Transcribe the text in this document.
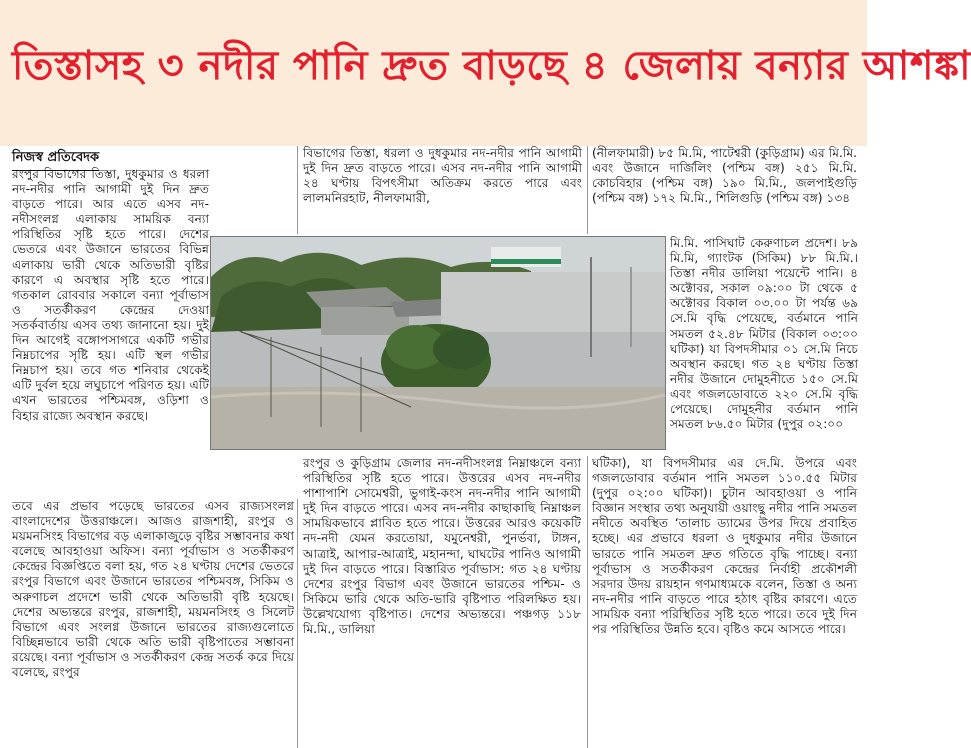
তিস্তাসহ ৩ নদীর পানি দ্রুত বাড়ছে ৪ জেলায় বন্যার আশঙ্কা
নিজস্ব প্রতিবেদক
রংপুর বিভাগের তিস্তা, দুধকুমার ও ধরলা নদ-নদীর পানি আগামী দুই দিন দ্রুত বাড়তে পারে। আর এতে এসব নদ-নদীসংলগ্ন এলাকায় সাময়িক বন্যা পরিস্থিতির সৃষ্টি হতে পারে। দেশের ভেতরে এবং উজানে ভারতের বিভিন্ন এলাকায় ভারী থেকে অতিভারী বৃষ্টির কারণে এ অবস্থার সৃষ্টি হতে পারে। গতকাল রোববার সকালে বন্যা পূর্বাভাস ও সতর্কীকরণ কেন্দ্রের দেওয়া সতর্কবার্তায় এসব তথ্য জানানো হয়। দুই দিন আগেই বঙ্গোপসাগরে একটি গভীর নিম্নচাপের সৃষ্টি হয়। এটি স্থল গভীর নিম্নচাপ হয়। তবে গত শনিবার থেকেই এটি দুর্বল হয়ে লঘুচাপে পরিণত হয়। এটি এখন ভারতের পশ্চিমবঙ্গ, ওড়িশা ও বিহার রাজ্যে অবস্থান করছে।
তবে এর প্রভাব পড়েছে ভারতের এসব রাজ্যসংলগ্ন বাংলাদেশের উত্তরাঞ্চলে। আজও রাজশাহী, রংপুর ও ময়মনসিংহ বিভাগের বড় এলাকাজুড়ে বৃষ্টির সম্ভাবনার কথা বলেছে আবহাওয়া অফিস। বন্যা পূর্বাভাস ও সতর্কীকরণ কেন্দ্রের বিজ্ঞপ্তিতে বলা হয়, গত ২৪ ঘণ্টায় দেশের ভেতরে রংপুর বিভাগে এবং উজানে ভারতের পশ্চিমবঙ্গ, সিকিম ও অরুণাচল প্রদেশে ভারী থেকে অতিভারী বৃষ্টি হয়েছে। দেশের অভ্যন্তরে রংপুর, রাজশাহী, ময়মনসিংহ ও সিলেট বিভাগে এবং সংলগ্ন উজানে ভারতের রাজ্যগুলোতে বিচ্ছিন্নভাবে ভারী থেকে অতি ভারী বৃষ্টিপাতের সম্ভাবনা রয়েছে। বন্যা পূর্বাভাস ও সতর্কীকরণ কেন্দ্র সতর্ক করে দিয়ে বলেছে, রংপুর
বিভাগের তিস্তা, ধরলা ও দুধকুমার নদ-নদীর পানি আগামী দুই দিন দ্রুত বাড়তে পারে। এসব নদ-নদীর পানি আগামী ২৪ ঘণ্টায় বিপৎসীমা অতিক্রম করতে পারে এবং লালমনিরহাট, নীলফামারী,
রংপুর ও কুড়িগ্রাম জেলার নদ-নদীসংলগ্ন নিম্নাঞ্চলে বন্যা পরিস্থিতির সৃষ্টি হতে পারে। উত্তরের এসব নদ-নদীর পাশাপাশি সোমেশ্বরী, ভুগাই-কংস নদ-নদীর পানি আগামী দুই দিন বাড়তে পারে। এসব নদ-নদীর কাছাকাছি নিম্নাঞ্চল সাময়িকভাবে প্লাবিত হতে পারে। উত্তরের আরও কয়েকটি নদ-নদী যেমন করতোয়া, যমুনেশ্বরী, পুনর্ভবা, টাঙ্গন, আত্রাই, আপার-আত্রাই, মহানন্দা, ঘাঘটের পানিও আগামী দুই দিন বাড়তে পারে। বিস্তারিত পূর্বাভাস: গত ২৪ ঘণ্টায় দেশের রংপুর বিভাগ এবং উজানে ভারতের পশ্চিম- ও সিকিমে ভারি থেকে অতি-ভারি বৃষ্টিপাত পরিলক্ষিত হয়। উল্লেখযোগ্য বৃষ্টিপাত। দেশের অভ্যন্তরে। পঞ্চগড় ১১৮ মি.মি., ডালিয়া
(নীলফামারী) ৮৫ মি.মি, পাটেশ্বরী (কুড়িগ্রাম) এর মি.মি. এবং উজানে দার্জিলিং (পশ্চিম বঙ্গ) ২৫১ মি.মি. কোচবিহার (পশ্চিম বঙ্গ) ১৯০ মি.মি., জলপাইগুড়ি (পশ্চিম বঙ্গ) ১৭২ মি.মি., শিলিগুড়ি (পশ্চিম বঙ্গ) ১৩৪
মি.মি. পাসিঘাট কেরুণাচল প্রদেশ। ৮৯ মি.মি, গ্যাংটক (সিকিম) ৮৮ মি.মি.। তিস্তা নদীর ডালিয়া পয়েন্টে পানি। ৪ অক্টোবর, সকাল ০৯:০০ টা থেকে ৫ অক্টোবর বিকাল ০৩.০০ টা পর্যন্ত ৬৯ সে.মি বৃদ্ধি পেয়েছে, বর্তমানে পানি সমতল ৫২.৪৮ মিটার (বিকাল ০৩:০০ ঘটিকা) যা বিপদসীমার ০১ সে.মি নিচে অবস্থান করছে। গত ২৪ ঘণ্টায় তিস্তা নদীর উজানে দোমুহনীতে ১৫০ সে.মি এবং গজলডোবাতে ২২০ সে.মি বৃদ্ধি পেয়েছে। দোমুহনীর বর্তমান পানি সমতল ৮৬.৫০ মিটার (দুপুর ০২:০০
ঘটিকা), যা বিপদসীমার এর দে.মি. উপরে এবং গজলডোবার বর্তমান পানি সমতল ১১০.৫৫ মিটার (দুপুর ০২:০০ ঘটিকা)। চুটান আবহাওয়া ও পানি বিজ্ঞান সংস্থার তথ্য অনুযায়ী ওয়াংছু নদীর পানি সমতল নদীতে অবস্থিত ‘তালাচ ড্যামের উপর দিয়ে প্রবাহিত হচ্ছে। এর প্রভাবে ধরলা ও দুধকুমার নদীর উজানে ভারতে পানি সমতল দ্রুত গতিতে বৃদ্ধি পাচ্ছে। বন্যা পূর্বাভাস ও সতর্কীকরণ কেন্দ্রের নির্বাহী প্রকৌশলী সরদার উদয় রায়হান গণমাধ্যমকে বলেন, তিস্তা ও অন্য নদ-নদীর পানি বাড়তে পারে হঠাৎ বৃষ্টির কারণে। এতে সাময়িক বন্যা পরিস্থিতির সৃষ্টি হতে পারে। তবে দুই দিন পর পরিস্থিতির উন্নতি হবে। বৃষ্টিও কমে আসতে পারে।
